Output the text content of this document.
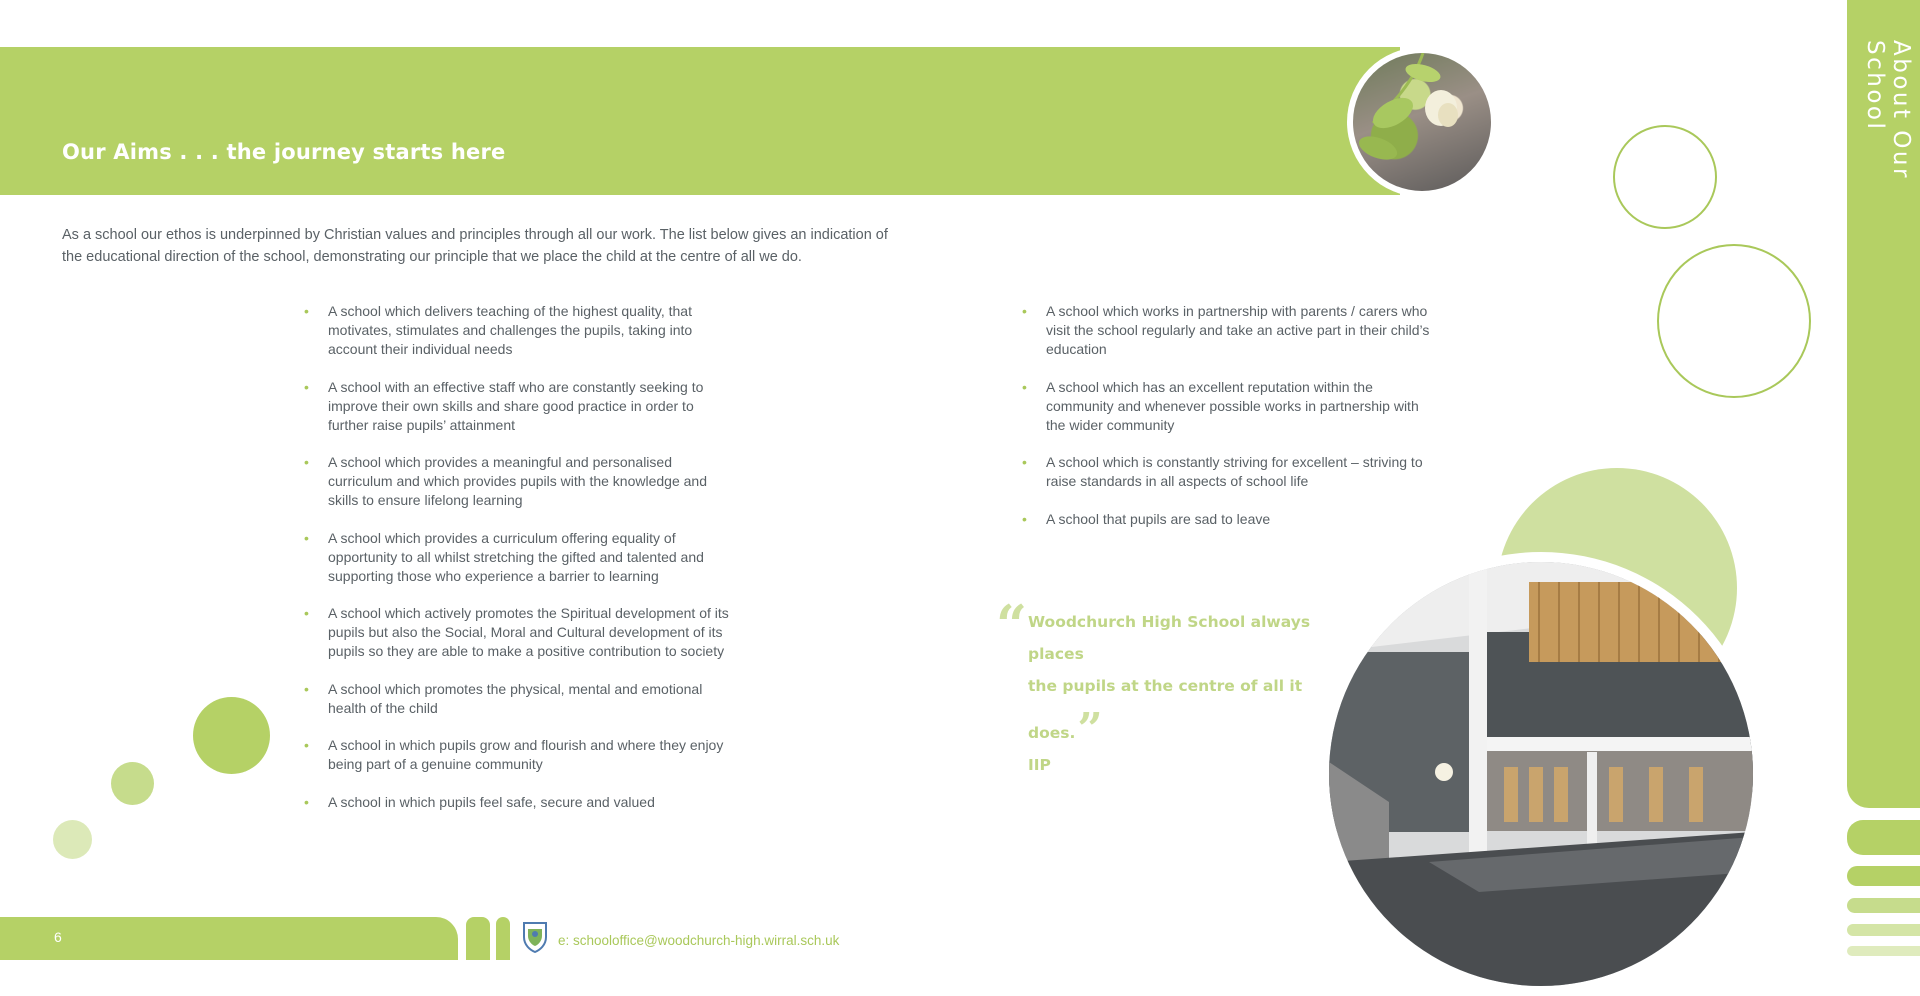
Our Aims . . . the journey starts here
As a school our ethos is underpinned by Christian values and principles through all our work. The list below gives an indication of the educational direction of the school, demonstrating our principle that we place the child at the centre of all we do.
• A school which delivers teaching of the highest quality, that motivates, stimulates and challenges the pupils, taking into account their individual needs
• A school with an effective staff who are constantly seeking to improve their own skills and share good practice in order to further raise pupils’ attainment
• A school which provides a meaningful and personalised curriculum and which provides pupils with the knowledge and skills to ensure lifelong learning
• A school which provides a curriculum offering equality of opportunity to all whilst stretching the gifted and talented and supporting those who experience a barrier to learning
• A school which actively promotes the Spiritual development of its pupils but also the Social, Moral and Cultural development of its pupils so they are able to make a positive contribution to society
• A school which promotes the physical, mental and emotional health of the child
• A school in which pupils grow and flourish and where they enjoy being part of a genuine community
• A school in which pupils feel safe, secure and valued
• A school which works in partnership with parents / carers who visit the school regularly and take an active part in their child’s education
• A school which has an excellent reputation within the community and whenever possible works in partnership with the wider community
• A school which is constantly striving for excellent – striving to raise standards in all aspects of school life
• A school that pupils are sad to leave
“ Woodchurch High School always places
the pupils at the centre of all it does.”
IIP
About Our School
6	e: schooloffice@woodchurch-high.wirral.sch.uk
